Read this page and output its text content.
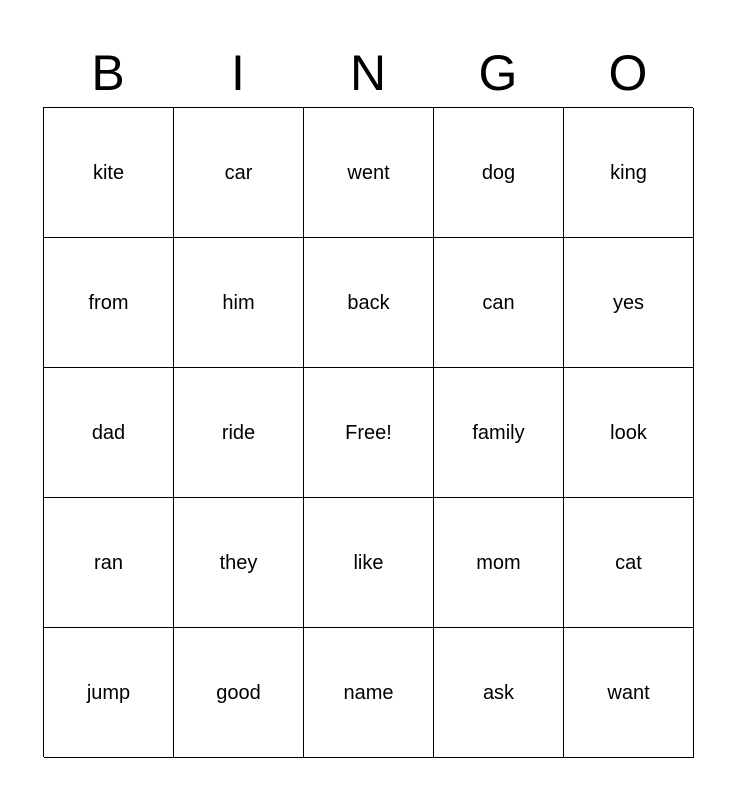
B	I	N	G	O
kite	car	went	dog	king
from	him	back	can	yes
dad	ride	Free!	family	look
ran	they	like	mom	cat
jump	good	name	ask	want
